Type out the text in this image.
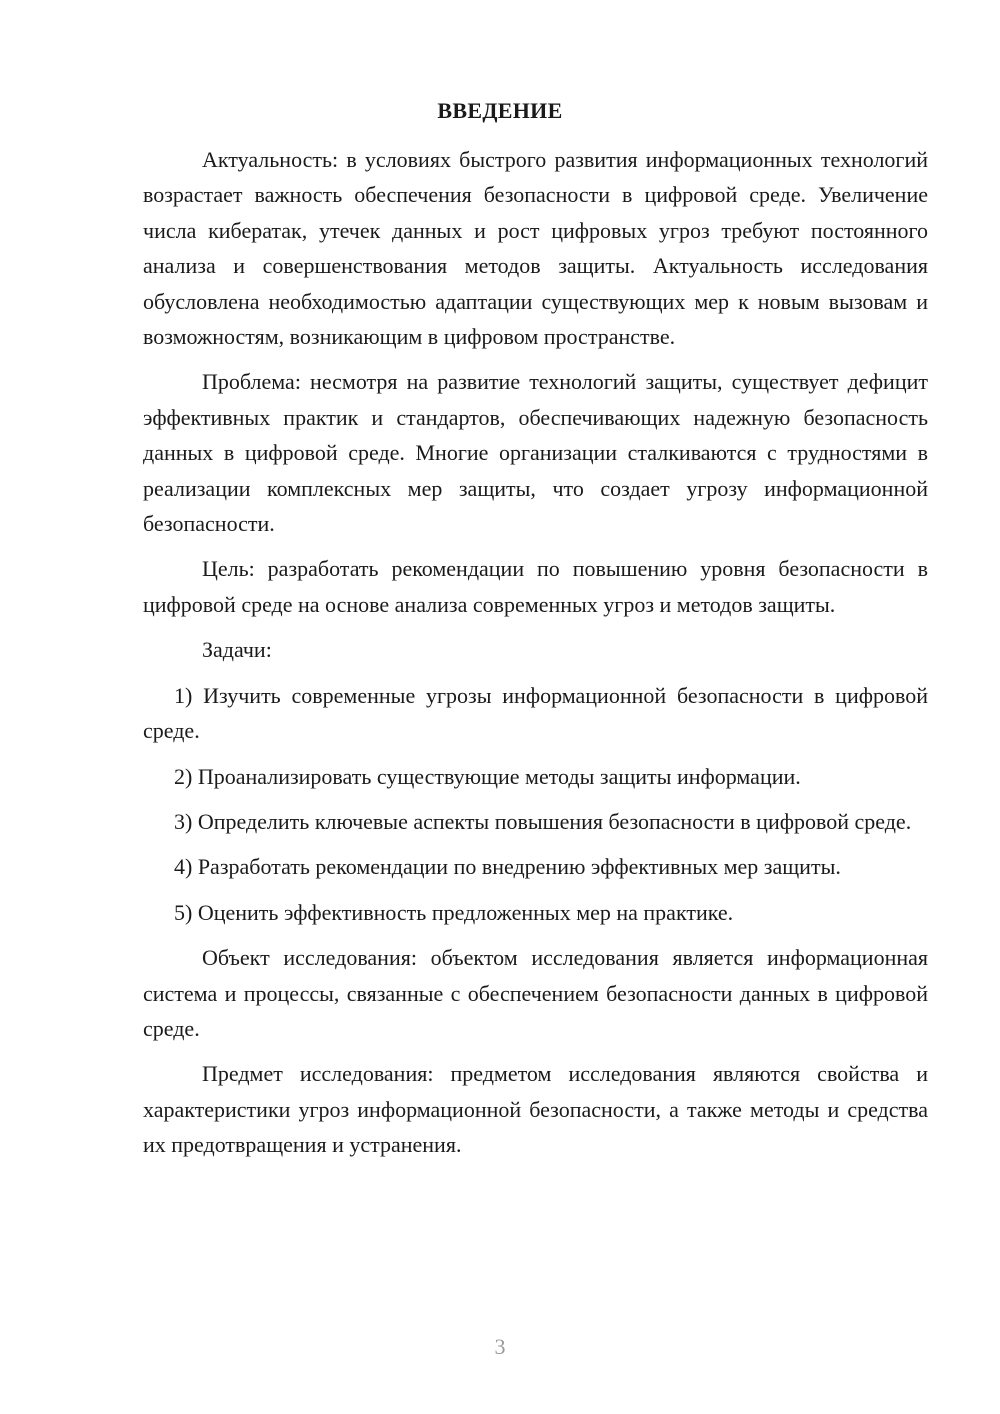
ВВЕДЕНИЕ

Актуальность: в условиях быстрого развития информационных технологий возрастает важность обеспечения безопасности в цифровой среде. Увеличение числа кибератак, утечек данных и рост цифровых угроз требуют постоянного анализа и совершенствования методов защиты. Актуальность исследования обусловлена необходимостью адаптации существующих мер к новым вызовам и возможностям, возникающим в цифровом пространстве.

Проблема: несмотря на развитие технологий защиты, существует дефицит эффективных практик и стандартов, обеспечивающих надежную безопасность данных в цифровой среде. Многие организации сталкиваются с трудностями в реализации комплексных мер защиты, что создает угрозу информационной безопасности.

Цель: разработать рекомендации по повышению уровня безопасности в цифровой среде на основе анализа современных угроз и методов защиты.

Задачи:

1) Изучить современные угрозы информационной безопасности в цифровой среде.

2) Проанализировать существующие методы защиты информации.

3) Определить ключевые аспекты повышения безопасности в цифровой среде.

4) Разработать рекомендации по внедрению эффективных мер защиты.

5) Оценить эффективность предложенных мер на практике.

Объект исследования: объектом исследования является информационная система и процессы, связанные с обеспечением безопасности данных в цифровой среде.

Предмет исследования: предметом исследования являются свойства и характеристики угроз информационной безопасности, а также методы и средства их предотвращения и устранения.

3
